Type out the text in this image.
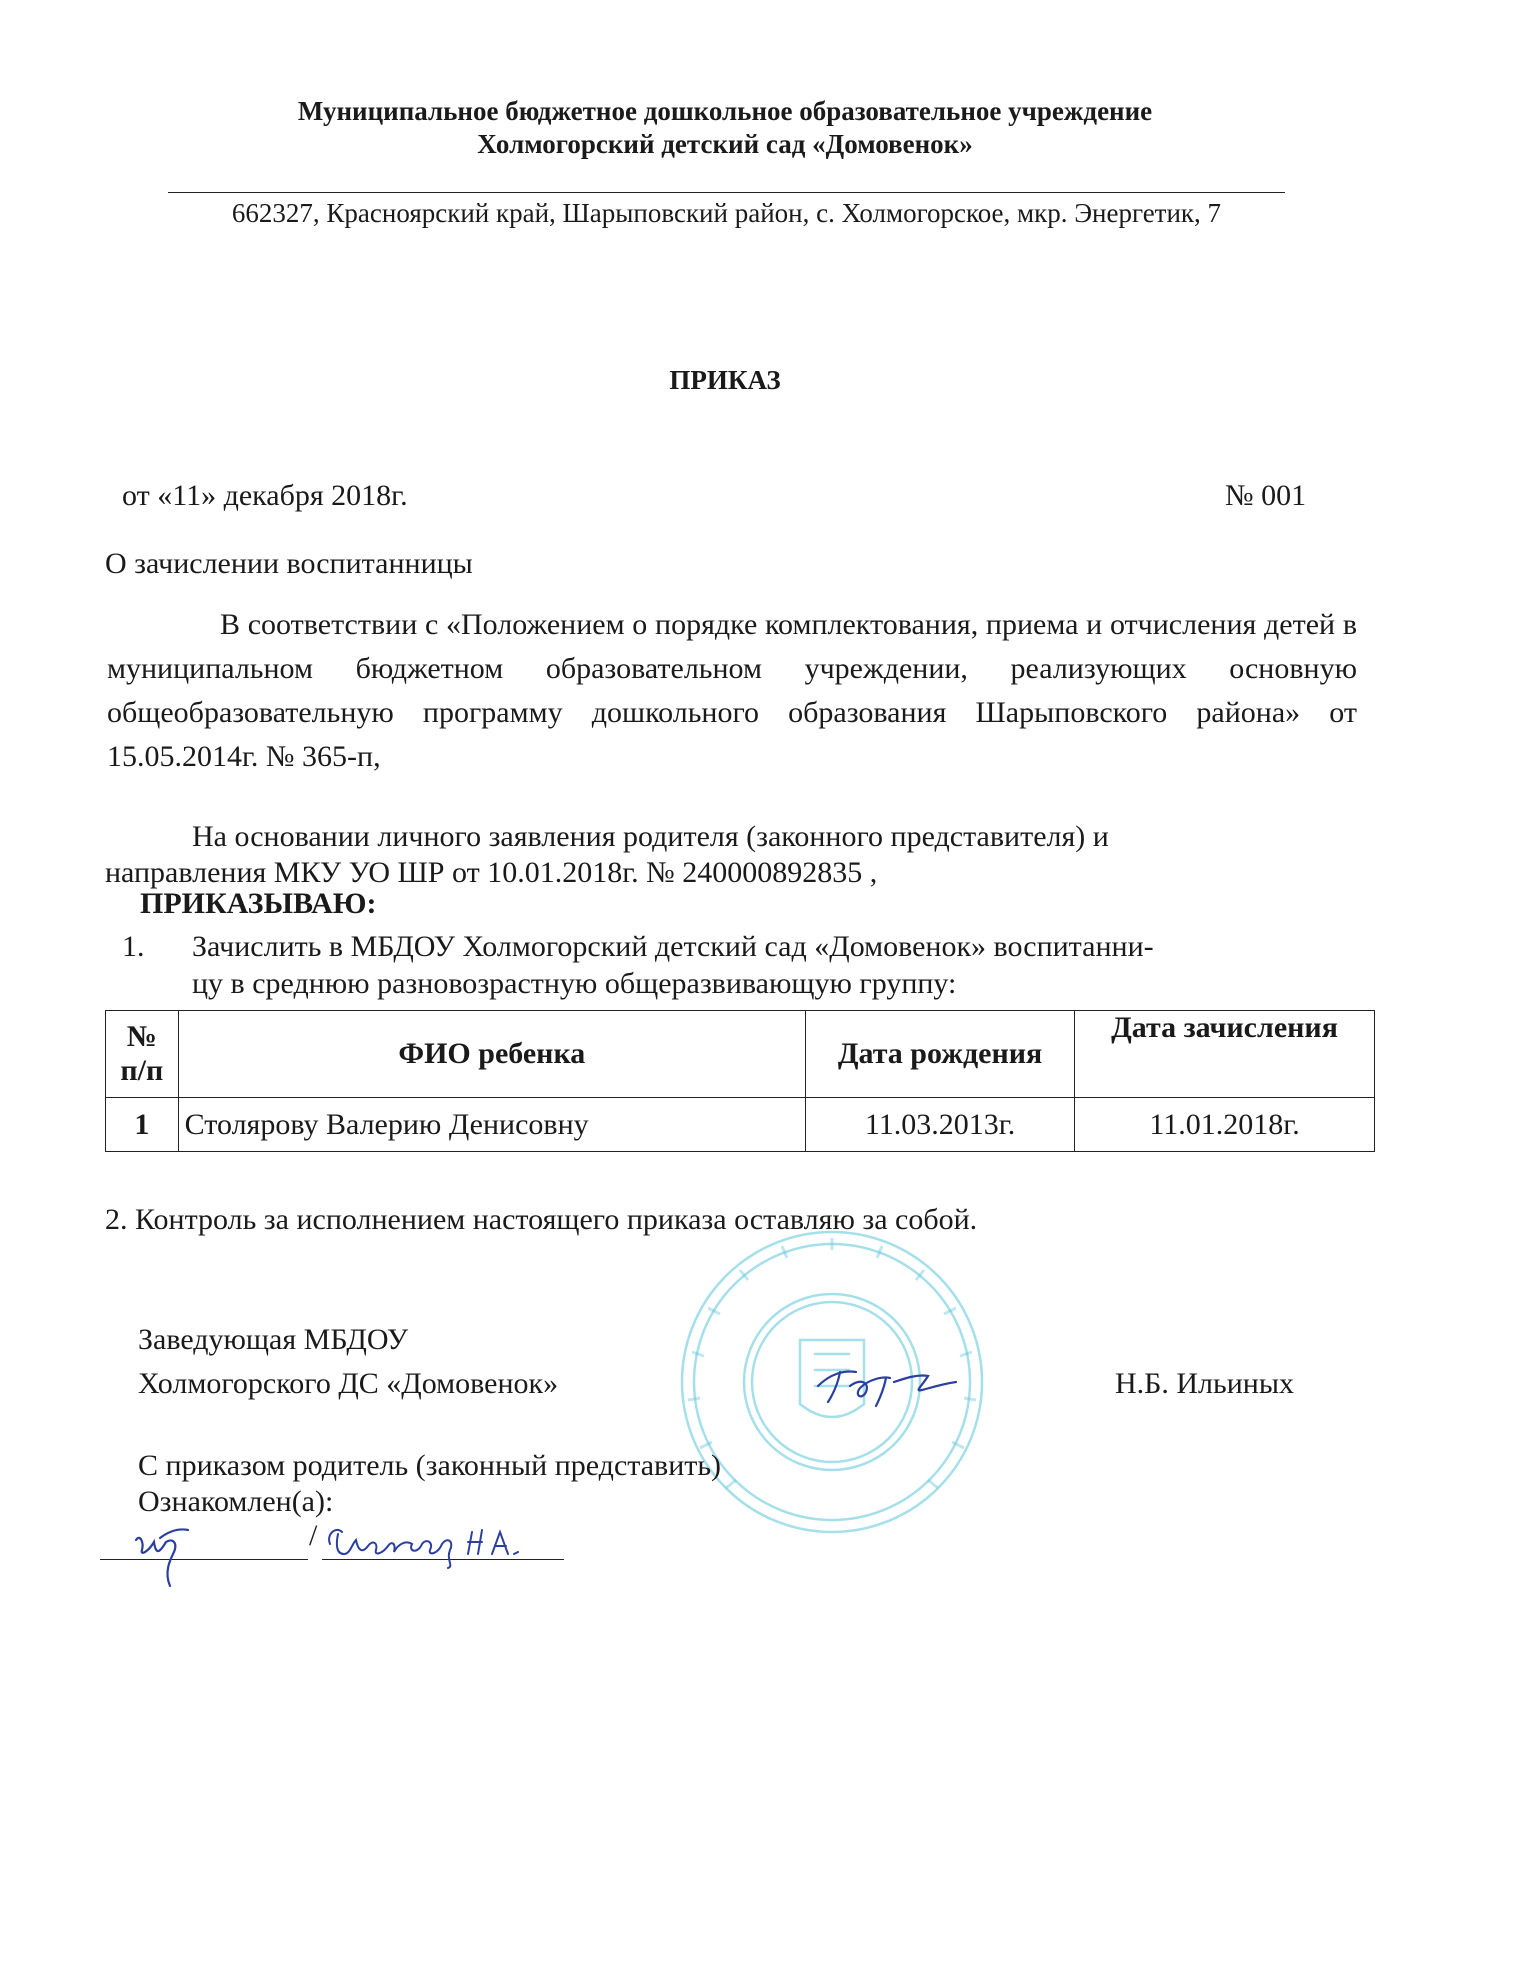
Муниципальное бюджетное дошкольное образовательное учреждение
Холмогорский детский сад «Домовенок»
662327, Красноярский край, Шарыповский район, с. Холмогорское, мкр. Энергетик, 7
ПРИКАЗ
от «11» декабря 2018г.	№ 001
О зачислении воспитанницы

В соответствии с «Положением о порядке комплектования, приема и отчисления детей в муниципальном бюджетном образовательном учреждении, реализующих основную общеобразовательную программу дошкольного образования Шарыповского района» от 15.05.2014г. № 365-п,

На основании личного заявления родителя (законного представителя) и
направления МКУ УО ШР от 10.01.2018г. № 240000892835 ,
ПРИКАЗЫВАЮ:
1. Зачислить в МБДОУ Холмогорский детский сад «Домовенок» воспитанни-
цу в среднюю разновозрастную общеразвивающую группу:
№
п/п	ФИО ребенка	Дата рождения	Дата зачисления
1	Столярову Валерию Денисовну	11.03.2013г.	11.01.2018г.
2. Контроль за исполнением настоящего приказа оставляю за собой.
Заведующая МБДОУ
Холмогорского ДС «Домовенок»	Н.Б. Ильиных
С приказом родитель (законный представить)
Ознакомлен(а):
/
